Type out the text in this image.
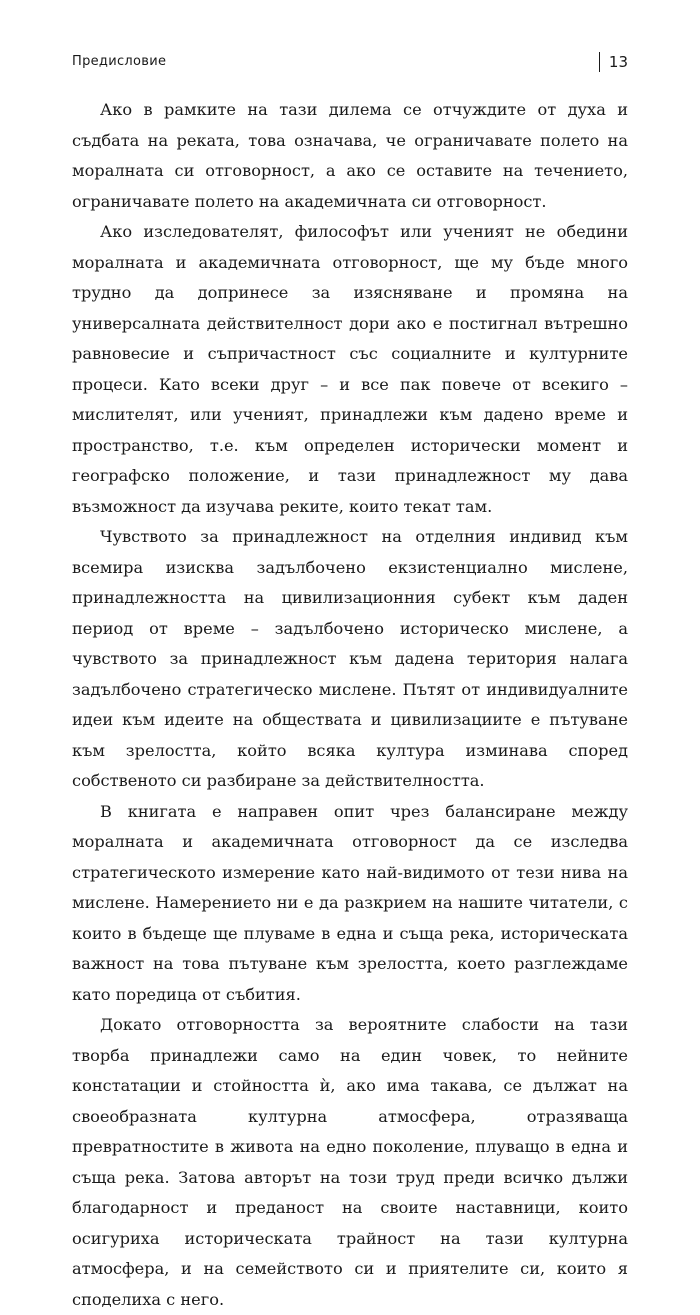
Предисловие	13

Ако в рамките на тази дилема се отчуждите от духа и съдбата на реката, това означава, че ограничавате полето на моралната си отговорност, а ако се оставите на течението, ограничавате полето на академичната си отговорност.

Ако изследователят, философът или ученият не обедини моралната и академичната отговорност, ще му бъде много трудно да допринесе за изясняване и промяна на универсалната действителност дори ако е постигнал вътрешно равновесие и съпричастност със социалните и културните процеси. Като всеки друг – и все пак повече от всекиго – мислителят, или ученият, принадлежи към дадено време и пространство, т.е. към определен исторически момент и географско положение, и тази принадлежност му дава възможност да изучава реките, които текат там.

Чувството за принадлежност на отделния индивид към всемира изисква задълбочено екзистенциално мислене, принадлежността на цивилизационния субект към даден период от време – задълбочено историческо мислене, а чувството за принадлежност към дадена територия налага задълбочено стратегическо мислене. Пътят от индивидуалните идеи към идеите на обществата и цивилизациите е пътуване към зрелостта, който всяка култура изминава според собственото си разбиране за действителността.

В книгата е направен опит чрез балансиране между моралната и академичната отговорност да се изследва стратегическото измерение като най-видимото от тези нива на мислене. Намерението ни е да разкрием на нашите читатели, с които в бъдеще ще плуваме в една и съща река, историческата важност на това пътуване към зрелостта, което разглеждаме като поредица от събития.

Докато отговорността за вероятните слабости на тази творба принадлежи само на един човек, то нейните констатации и стойността ѝ, ако има такава, се дължат на своеобразната културна атмосфера, отразяваща превратностите в живота на едно поколение, плуващо в една и съща река. Затова авторът на този труд преди всичко дължи благодарност и преданост на своите наставници, които осигуриха историческата трайност на тази културна атмосфера, и на семейството си и приятелите си, които я споделиха с него.
